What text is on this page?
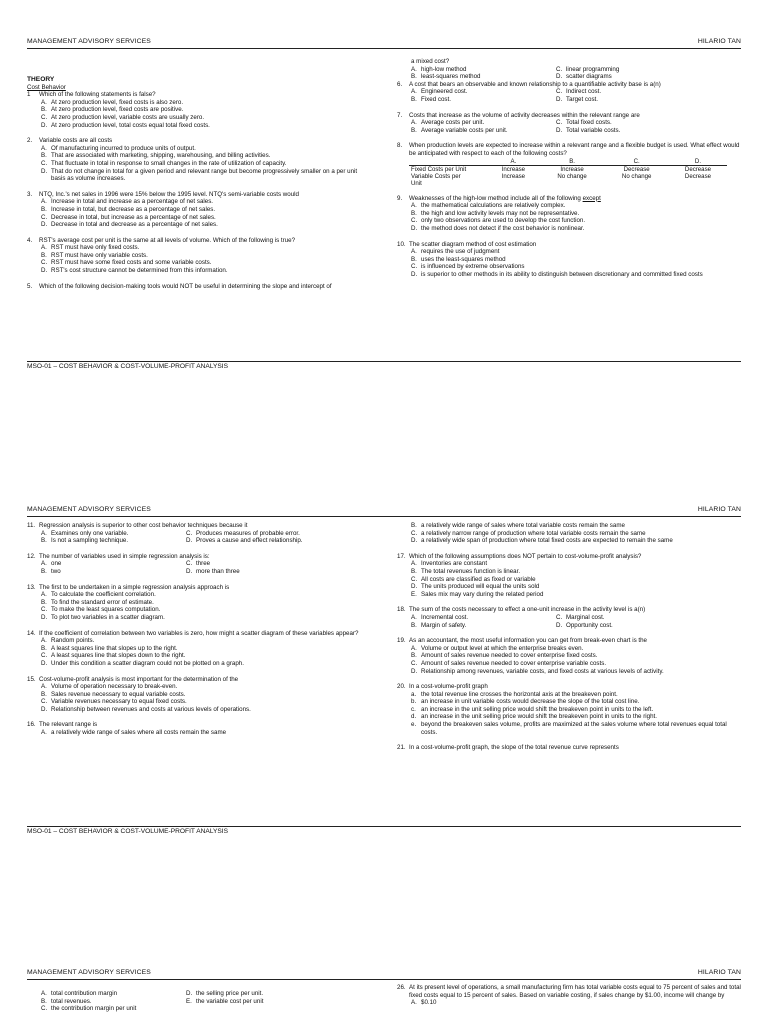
MANAGEMENT ADVISORY SERVICES	HILARIO TAN
THEORY
Cost Behavior
1	Which of the following statements is false?
A. At zero production level, fixed costs is also zero.
B. At zero production level, fixed costs are positive.
C. At zero production level, variable costs are usually zero.
D. At zero production level, total costs equal total fixed costs.
2.	Variable costs are all costs
A. Of manufacturing incurred to produce units of output.
B. That are associated with marketing, shipping, warehousing, and billing activities.
C. That fluctuate in total in response to small changes in the rate of utilization of capacity.
D. That do not change in total for a given period and relevant range but become progressively smaller on a per unit basis as volume increases.
3.	NTQ, Inc.'s net sales in 1996 were 15% below the 1995 level. NTQ's semi-variable costs would
A. Increase in total and increase as a percentage of net sales.
B. Increase in total, but decrease as a percentage of net sales.
C. Decrease in total, but increase as a percentage of net sales.
D. Decrease in total and decrease as a percentage of net sales.
4.	RST's average cost per unit is the same at all levels of volume. Which of the following is true?
A. RST must have only fixed costs.
B. RST must have only variable costs.
C. RST must have some fixed costs and some variable costs.
D. RST's cost structure cannot be determined from this information.
5.	Which of the following decision-making tools would NOT be useful in determining the slope and intercept of
a mixed cost?
A. high-low method	C. linear programming
B. least-squares method	D. scatter diagrams
6.	A cost that bears an observable and known relationship to a quantifiable activity base is a(n)
A. Engineered cost.	C. Indirect cost.
B. Fixed cost.	D. Target cost.
7.	Costs that increase as the volume of activity decreases within the relevant range are
A. Average costs per unit.	C. Total fixed costs.
B. Average variable costs per unit.	D. Total variable costs.
8.	When production levels are expected to increase within a relevant range and a flexible budget is used. What effect would be anticipated with respect to each of the following costs?
	A.	B.	C.	D.
Fixed Costs per Unit	Increase	Increase	Decrease	Decrease
Variable Costs per	Increase	No change	No change	Decrease
Unit				
9.	Weaknesses of the high-low method include all of the following except
A. the mathematical calculations are relatively complex.
B. the high and low activity levels may not be representative.
C. only two observations are used to develop the cost function.
D. the method does not detect if the cost behavior is nonlinear.
10. The scatter diagram method of cost estimation
A. requires the use of judgment
B. uses the least-squares method
C. is influenced by extreme observations
D. is superior to other methods in its ability to distinguish between discretionary and committed fixed costs
MSO-01 – COST BEHAVIOR & COST-VOLUME-PROFIT ANALYSIS
MANAGEMENT ADVISORY SERVICES	HILARIO TAN
11. Regression analysis is superior to other cost behavior techniques because it
A. Examines only one variable.	C. Produces measures of probable error.
B. Is not a sampling technique.	D. Proves a cause and effect relationship.
12. The number of variables used in simple regression analysis is:
A. one	C. three
B. two	D. more than three
13. The first to be undertaken in a simple regression analysis approach is
A. To calculate the coefficient correlation.
B. To find the standard error of estimate.
C. To make the least squares computation.
D. To plot two variables in a scatter diagram.
14. If the coefficient of correlation between two variables is zero, how might a scatter diagram of these variables appear?
A. Random points.
B. A least squares line that slopes up to the right.
C. A least squares line that slopes down to the right.
D. Under this condition a scatter diagram could not be plotted on a graph.
15. Cost-volume-profit analysis is most important for the determination of the
A. Volume of operation necessary to break-even.
B. Sales revenue necessary to equal variable costs.
C. Variable revenues necessary to equal fixed costs.
D. Relationship between revenues and costs at various levels of operations.
16. The relevant range is
A. a relatively wide range of sales where all costs remain the same
B. a relatively wide range of sales where total variable costs remain the same
C. a relatively narrow range of production where total variable costs remain the same
D. a relatively wide span of production where total fixed costs are expected to remain the same
17. Which of the following assumptions does NOT pertain to cost-volume-profit analysis?
A. Inventories are constant
B. The total revenues function is linear.
C. All costs are classified as fixed or variable
D. The units produced will equal the units sold
E. Sales mix may vary during the related period
18. The sum of the costs necessary to effect a one-unit increase in the activity level is a(n)
A. Incremental cost.	C. Marginal cost.
B. Margin of safety.	D. Opportunity cost.
19. As an accountant, the most useful information you can get from break-even chart is the
A. Volume or output level at which the enterprise breaks even.
B. Amount of sales revenue needed to cover enterprise fixed costs.
C. Amount of sales revenue needed to cover enterprise variable costs.
D. Relationship among revenues, variable costs, and fixed costs at various levels of activity.
20. In a cost-volume-profit graph
a. the total revenue line crosses the horizontal axis at the breakeven point.
b. an increase in unit variable costs would decrease the slope of the total cost line.
c. an increase in the unit selling price would shift the breakeven point in units to the left.
d. an increase in the unit selling price would shift the breakeven point in units to the right.
e. beyond the breakeven sales volume, profits are maximized at the sales volume where total revenues equal total costs.
21. In a cost-volume-profit graph, the slope of the total revenue curve represents
MSO-01 – COST BEHAVIOR & COST-VOLUME-PROFIT ANALYSIS
MANAGEMENT ADVISORY SERVICES	HILARIO TAN
A. total contribution margin	D. the selling price per unit.
B. total revenues.	E. the variable cost per unit
C. the contribution margin per unit
26. At its present level of operations, a small manufacturing firm has total variable costs equal to 75 percent of sales and total fixed costs equal to 15 percent of sales. Based on variable costing, if sales change by $1.00, income will change by
A. $0.10
